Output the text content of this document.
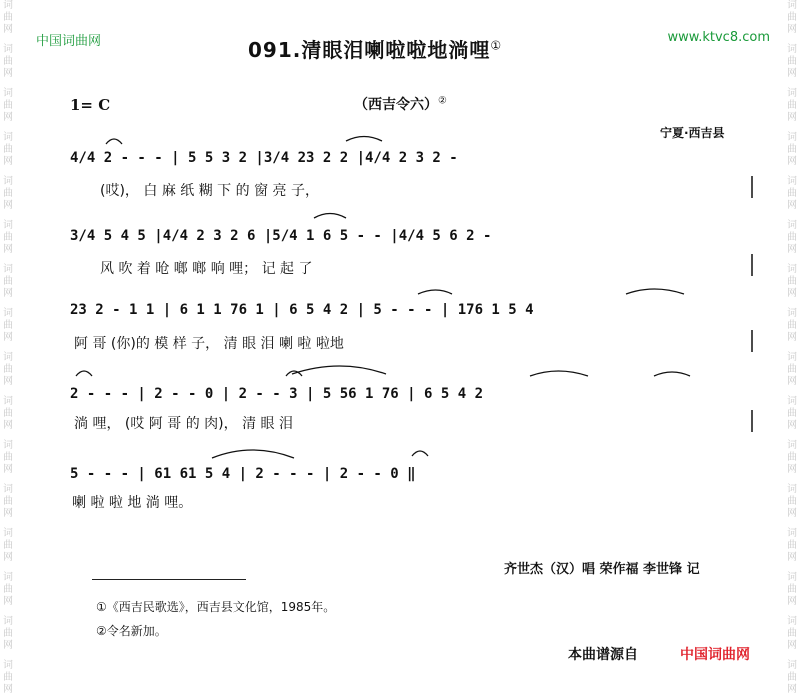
词
曲
网
词
曲
网
词
曲
网
词
曲
网
词
曲
网
词
曲
网
词
曲
网
词
曲
网
词
曲
网
词
曲
网
词
曲
网
词
曲
网
词
曲
网
词
曲
网
词
曲
网
词
曲
网
词
曲
网
词
曲
网
词
曲
网
词
曲
网
词
曲
网
词
曲
网
词
曲
网
词
曲
网
词
曲
网
词
曲
网
词
曲
网
词
曲
网
词
曲
网
词
曲
网
词
曲
网
词
曲
网
中国词曲网	www.ktvc8.com
091.清眼泪喇啦啦地淌哩①
1= C	（西吉令六）②
宁夏·西吉县
4/4 2 - - - | 5 5 3 2 |3/4 23 2 2 |4/4 2 3 2 -
(哎)， 白 麻 纸 糊 下 的 窗 亮 子，
3/4 5 4 5 |4/4 2 3 2 6 |5/4 1 6 5 - - |4/4 5 6 2 -
风 吹 着 呛 啷 啷 响 哩； 记 起 了
23 2 - 1 1 | 6 1 1 76 1 | 6 5 4 2 | 5 - - - | 176 1 5 4
阿 哥 (你)的 模 样 子， 清 眼 泪 喇 啦 啦地
2 - - - | 2 - - 0 | 2 - - 3 | 5 56 1 76 | 6 5 4 2
淌 哩， (哎 阿 哥 的 肉)， 清 眼 泪
5 - - - | 61 61 5 4 | 2 - - - | 2 - - 0 ‖
喇 啦 啦 地 淌 哩。
齐世杰（汉）唱 荣作福 李世锋 记
①《西吉民歌选》，西吉县文化馆，1985年。
②令名新加。
本曲谱源自	中国词曲网
